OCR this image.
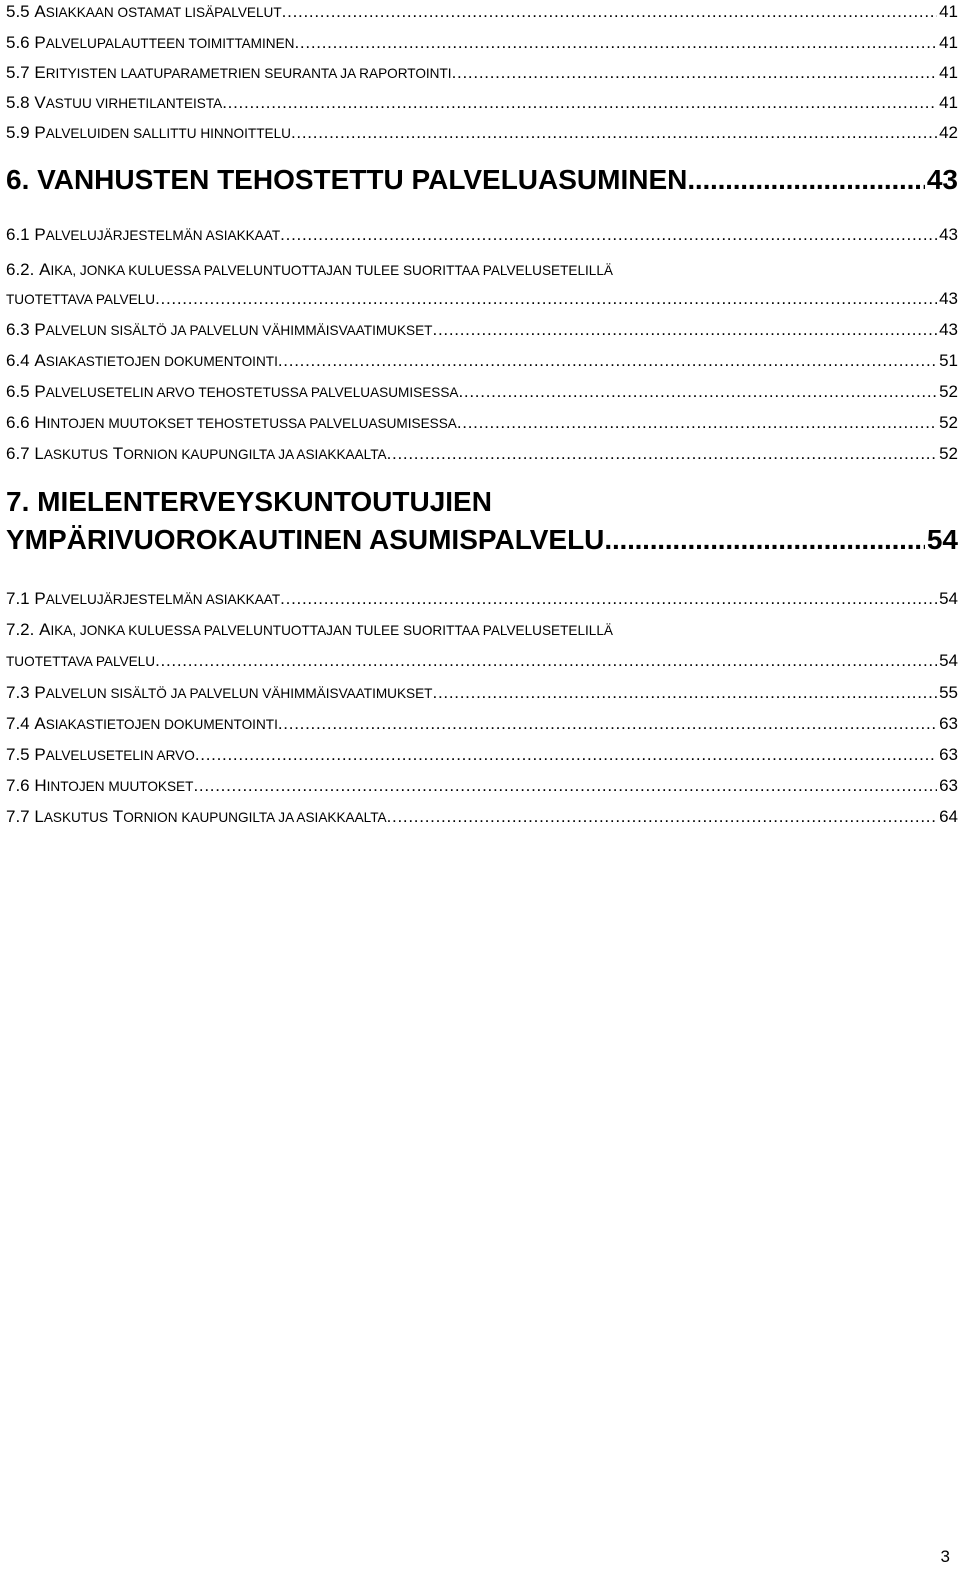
5.5 ASIAKKAAN OSTAMAT LISÄPALVELUT . . .	41
5.6 PALVELUPALAUTTEEN TOIMITTAMINEN . . .	41
5.7 ERITYISTEN LAATUPARAMETRIEN SEURANTA JA RAPORTOINTI . . .	41
5.8 VASTUU VIRHETILANTEISTA . . .	41
5.9 PALVELUIDEN SALLITTU HINNOITTELU . . .	42
6. VANHUSTEN TEHOSTETTU PALVELUASUMINEN . . .	43
6.1 PALVELUJÄRJESTELMÄN ASIAKKAAT . . .	43
6.2. AIKA, JONKA KULUESSA PALVELUNTUOTTAJAN TULEE SUORITTAA PALVELUSETELILLÄ
TUOTETTAVA PALVELU . . .	43
6.3 PALVELUN SISÄLTÖ JA PALVELUN VÄHIMMÄISVAATIMUKSET . . .	43
6.4 ASIAKASTIETOJEN DOKUMENTOINTI . . .	51
6.5 PALVELUSETELIN ARVO TEHOSTETUSSA PALVELUASUMISESSA . . .	52
6.6 HINTOJEN MUUTOKSET TEHOSTETUSSA PALVELUASUMISESSA . . .	52
6.7 LASKUTUS TORNION KAUPUNGILTA JA ASIAKKAALTA . . .	52
7. MIELENTERVEYSKUNTOUTUJIEN
YMPÄRIVUOROKAUTINEN ASUMISPALVELU . . .	54
7.1 PALVELUJÄRJESTELMÄN ASIAKKAAT . . .	54
7.2. AIKA, JONKA KULUESSA PALVELUNTUOTTAJAN TULEE SUORITTAA PALVELUSETELILLÄ
TUOTETTAVA PALVELU . . .	54
7.3 PALVELUN SISÄLTÖ JA PALVELUN VÄHIMMÄISVAATIMUKSET . . .	55
7.4 ASIAKASTIETOJEN DOKUMENTOINTI . . .	63
7.5 PALVELUSETELIN ARVO . . .	63
7.6 HINTOJEN MUUTOKSET . . .	63
7.7 LASKUTUS TORNION KAUPUNGILTA JA ASIAKKAALTA . . .	64
3
